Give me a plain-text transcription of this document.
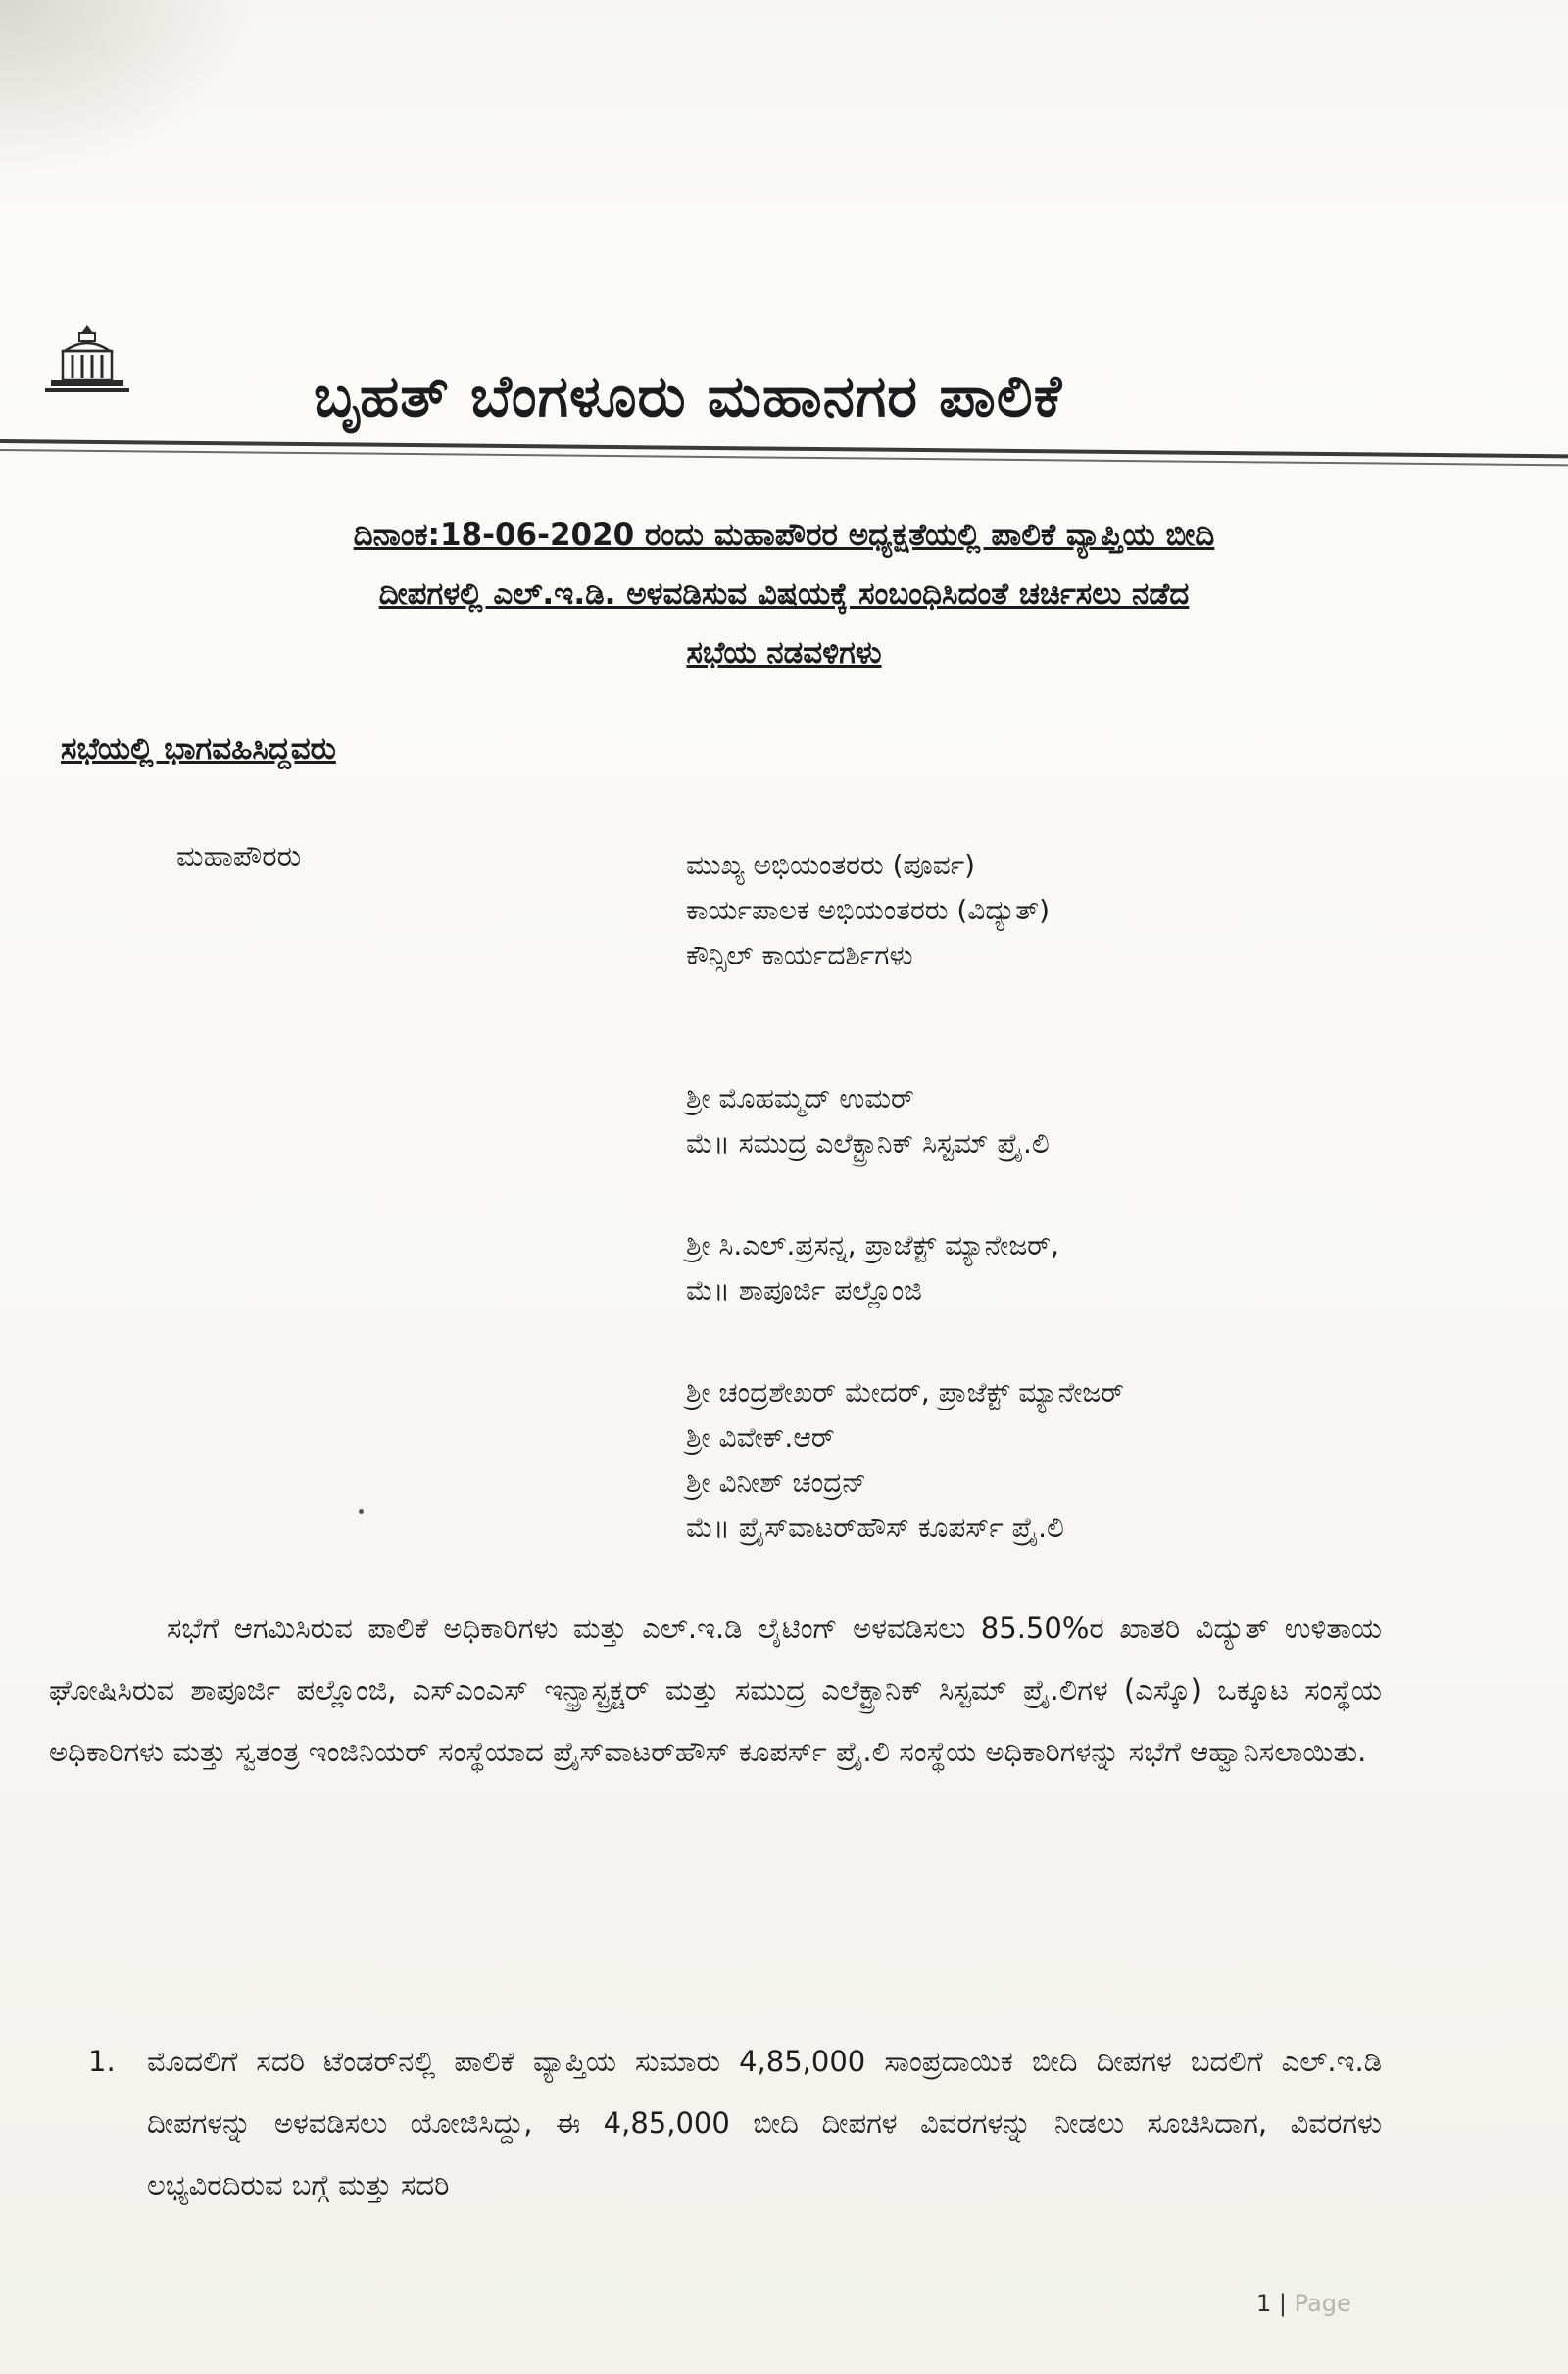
ಬೃಹತ್ ಬೆಂಗಳೂರು ಮಹಾನಗರ ಪಾಲಿಕೆ
ದಿನಾಂಕ:18-06-2020 ರಂದು ಮಹಾಪೌರರ ಅಧ್ಯಕ್ಷತೆಯಲ್ಲಿ ಪಾಲಿಕೆ ವ್ಯಾಪ್ತಿಯ ಬೀದಿ
ದೀಪಗಳಲ್ಲಿ ಎಲ್.ಇ.ಡಿ. ಅಳವಡಿಸುವ ವಿಷಯಕ್ಕೆ ಸಂಬಂಧಿಸಿದಂತೆ ಚರ್ಚಿಸಲು ನಡೆದ
ಸಭೆಯ ನಡವಳಿಗಳು
ಸಭೆಯಲ್ಲಿ ಭಾಗವಹಿಸಿದ್ದವರು
ಮಹಾಪೌರರು	ಮುಖ್ಯ ಅಭಿಯಂತರರು (ಪೂರ್ವ)
ಕಾರ್ಯಪಾಲಕ ಅಭಿಯಂತರರು (ವಿದ್ಯುತ್)
ಕೌನ್ಸಿಲ್ ಕಾರ್ಯದರ್ಶಿಗಳು
ಶ್ರೀ ಮೊಹಮ್ಮದ್ ಉಮರ್
ಮೆ॥ ಸಮುದ್ರ ಎಲೆಕ್ಟ್ರಾನಿಕ್ ಸಿಸ್ಟಮ್ ಪ್ರೈ.ಲಿ
ಶ್ರೀ ಸಿ.ಎಲ್.ಪ್ರಸನ್ನ, ಪ್ರಾಜೆಕ್ಟ್ ಮ್ಯಾನೇಜರ್,
ಮೆ॥ ಶಾಪೂರ್ಜಿ ಪಲ್ಲೊಂಜಿ
ಶ್ರೀ ಚಂದ್ರಶೇಖರ್ ಮೇದರ್, ಪ್ರಾಜೆಕ್ಟ್ ಮ್ಯಾನೇಜರ್
ಶ್ರೀ ವಿವೇಕ್.ಆರ್
ಶ್ರೀ ವಿನೀಶ್ ಚಂದ್ರನ್
ಮೆ॥ ಪ್ರೈಸ್‌ವಾಟರ್‌ಹೌಸ್ ಕೂಪರ್ಸ್ ಪ್ರೈ.ಲಿ
ಸಭೆಗೆ ಆಗಮಿಸಿರುವ ಪಾಲಿಕೆ ಅಧಿಕಾರಿಗಳು ಮತ್ತು ಎಲ್.ಇ.ಡಿ ಲೈಟಿಂಗ್ ಅಳವಡಿಸಲು 85.50%ರ ಖಾತರಿ ವಿದ್ಯುತ್ ಉಳಿತಾಯ ಘೋಷಿಸಿರುವ ಶಾಪೂರ್ಜಿ ಪಲ್ಲೊಂಜಿ, ಎಸ್‌ಎಂಎಸ್ ಇನ್ಫ್ರಾಸ್ಟ್ರಕ್ಚರ್ ಮತ್ತು ಸಮುದ್ರ ಎಲೆಕ್ಟ್ರಾನಿಕ್ ಸಿಸ್ಟಮ್ ಪ್ರೈ.ಲಿಗಳ (ಎಸ್ಕೊ) ಒಕ್ಕೂಟ ಸಂಸ್ಥೆಯ ಅಧಿಕಾರಿಗಳು ಮತ್ತು ಸ್ವತಂತ್ರ ಇಂಜಿನಿಯರ್ ಸಂಸ್ಥೆಯಾದ ಪ್ರೈಸ್‌ವಾಟರ್‌ಹೌಸ್ ಕೂಪರ್ಸ್ ಪ್ರೈ.ಲಿ ಸಂಸ್ಥೆಯ ಅಧಿಕಾರಿಗಳನ್ನು ಸಭೆಗೆ ಆಹ್ವಾನಿಸಲಾಯಿತು.
1.	ಮೊದಲಿಗೆ ಸದರಿ ಟೆಂಡರ್‌ನಲ್ಲಿ ಪಾಲಿಕೆ ವ್ಯಾಪ್ತಿಯ ಸುಮಾರು 4,85,000 ಸಾಂಪ್ರದಾಯಿಕ ಬೀದಿ ದೀಪಗಳ ಬದಲಿಗೆ ಎಲ್.ಇ.ಡಿ ದೀಪಗಳನ್ನು ಅಳವಡಿಸಲು ಯೋಜಿಸಿದ್ದು, ಈ 4,85,000 ಬೀದಿ ದೀಪಗಳ ವಿವರಗಳನ್ನು ನೀಡಲು ಸೂಚಿಸಿದಾಗ, ವಿವರಗಳು ಲಭ್ಯವಿರದಿರುವ ಬಗ್ಗೆ ಮತ್ತು ಸದರಿ
1 | Page
